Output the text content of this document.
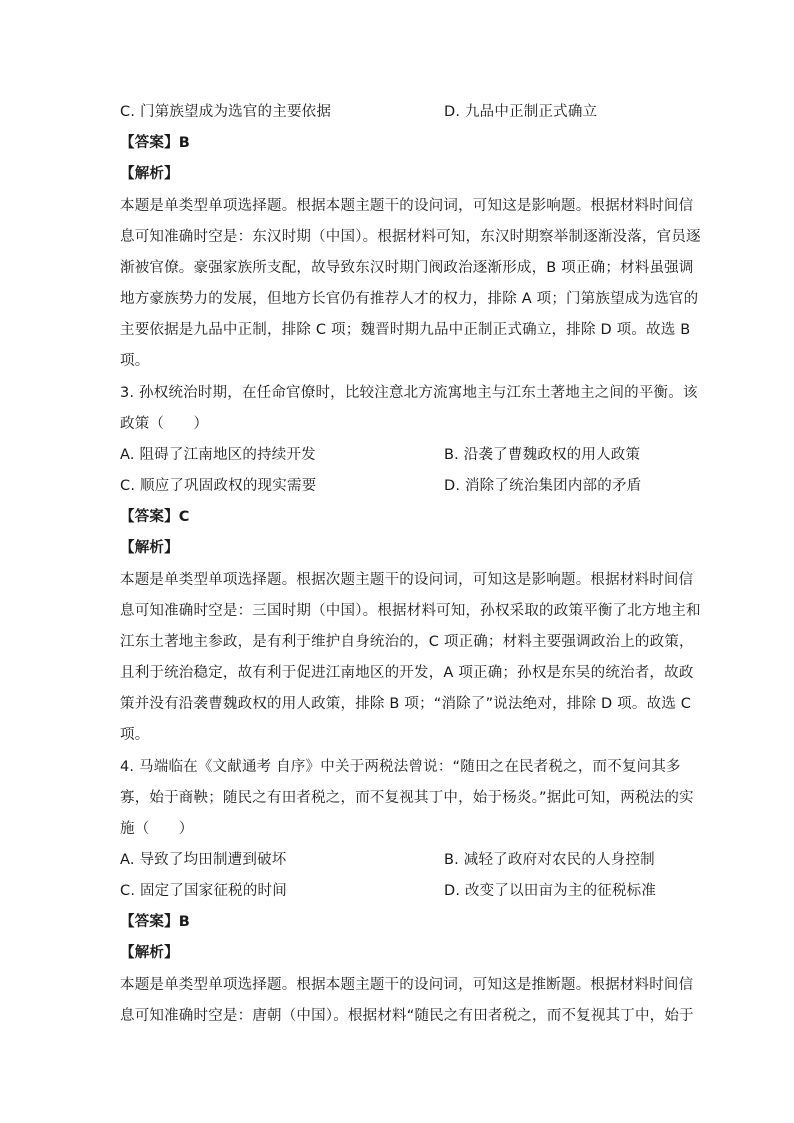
C. 门第族望成为选官的主要依据	D. 九品中正制正式确立
【答案】B
【解析】
本题是单类型单项选择题。根据本题主题干的设问词，可知这是影响题。根据材料时间信
息可知准确时空是：东汉时期（中国）。根据材料可知，东汉时期察举制逐渐没落，官员逐
渐被官僚。豪强家族所支配，故导致东汉时期门阀政治逐渐形成，B 项正确；材料虽强调
地方豪族势力的发展，但地方长官仍有推荐人才的权力，排除 A 项；门第族望成为选官的
主要依据是九品中正制，排除 C 项；魏晋时期九品中正制正式确立，排除 D 项。故选 B
项。
3. 孙权统治时期，在任命官僚时，比较注意北方流寓地主与江东土著地主之间的平衡。该
政策（　　）
A. 阻碍了江南地区的持续开发	B. 沿袭了曹魏政权的用人政策
C. 顺应了巩固政权的现实需要	D. 消除了统治集团内部的矛盾
【答案】C
【解析】
本题是单类型单项选择题。根据次题主题干的设问词，可知这是影响题。根据材料时间信
息可知准确时空是：三国时期（中国）。根据材料可知，孙权采取的政策平衡了北方地主和
江东土著地主参政，是有利于维护自身统治的，C 项正确；材料主要强调政治上的政策，
且利于统治稳定，故有利于促进江南地区的开发，A 项正确；孙权是东吴的统治者，故政
策并没有沿袭曹魏政权的用人政策，排除 B 项；“消除了”说法绝对，排除 D 项。故选 C
项。
4. 马端临在《文献通考 自序》中关于两税法曾说：“随田之在民者税之，而不复问其多
寡，始于商鞅；随民之有田者税之，而不复视其丁中，始于杨炎。”据此可知，两税法的实
施（　　）
A. 导致了均田制遭到破坏	B. 减轻了政府对农民的人身控制
C. 固定了国家征税的时间	D. 改变了以田亩为主的征税标准
【答案】B
【解析】
本题是单类型单项选择题。根据本题主题干的设问词，可知这是推断题。根据材料时间信
息可知准确时空是：唐朝（中国）。根据材料“随民之有田者税之，而不复视其丁中，始于
